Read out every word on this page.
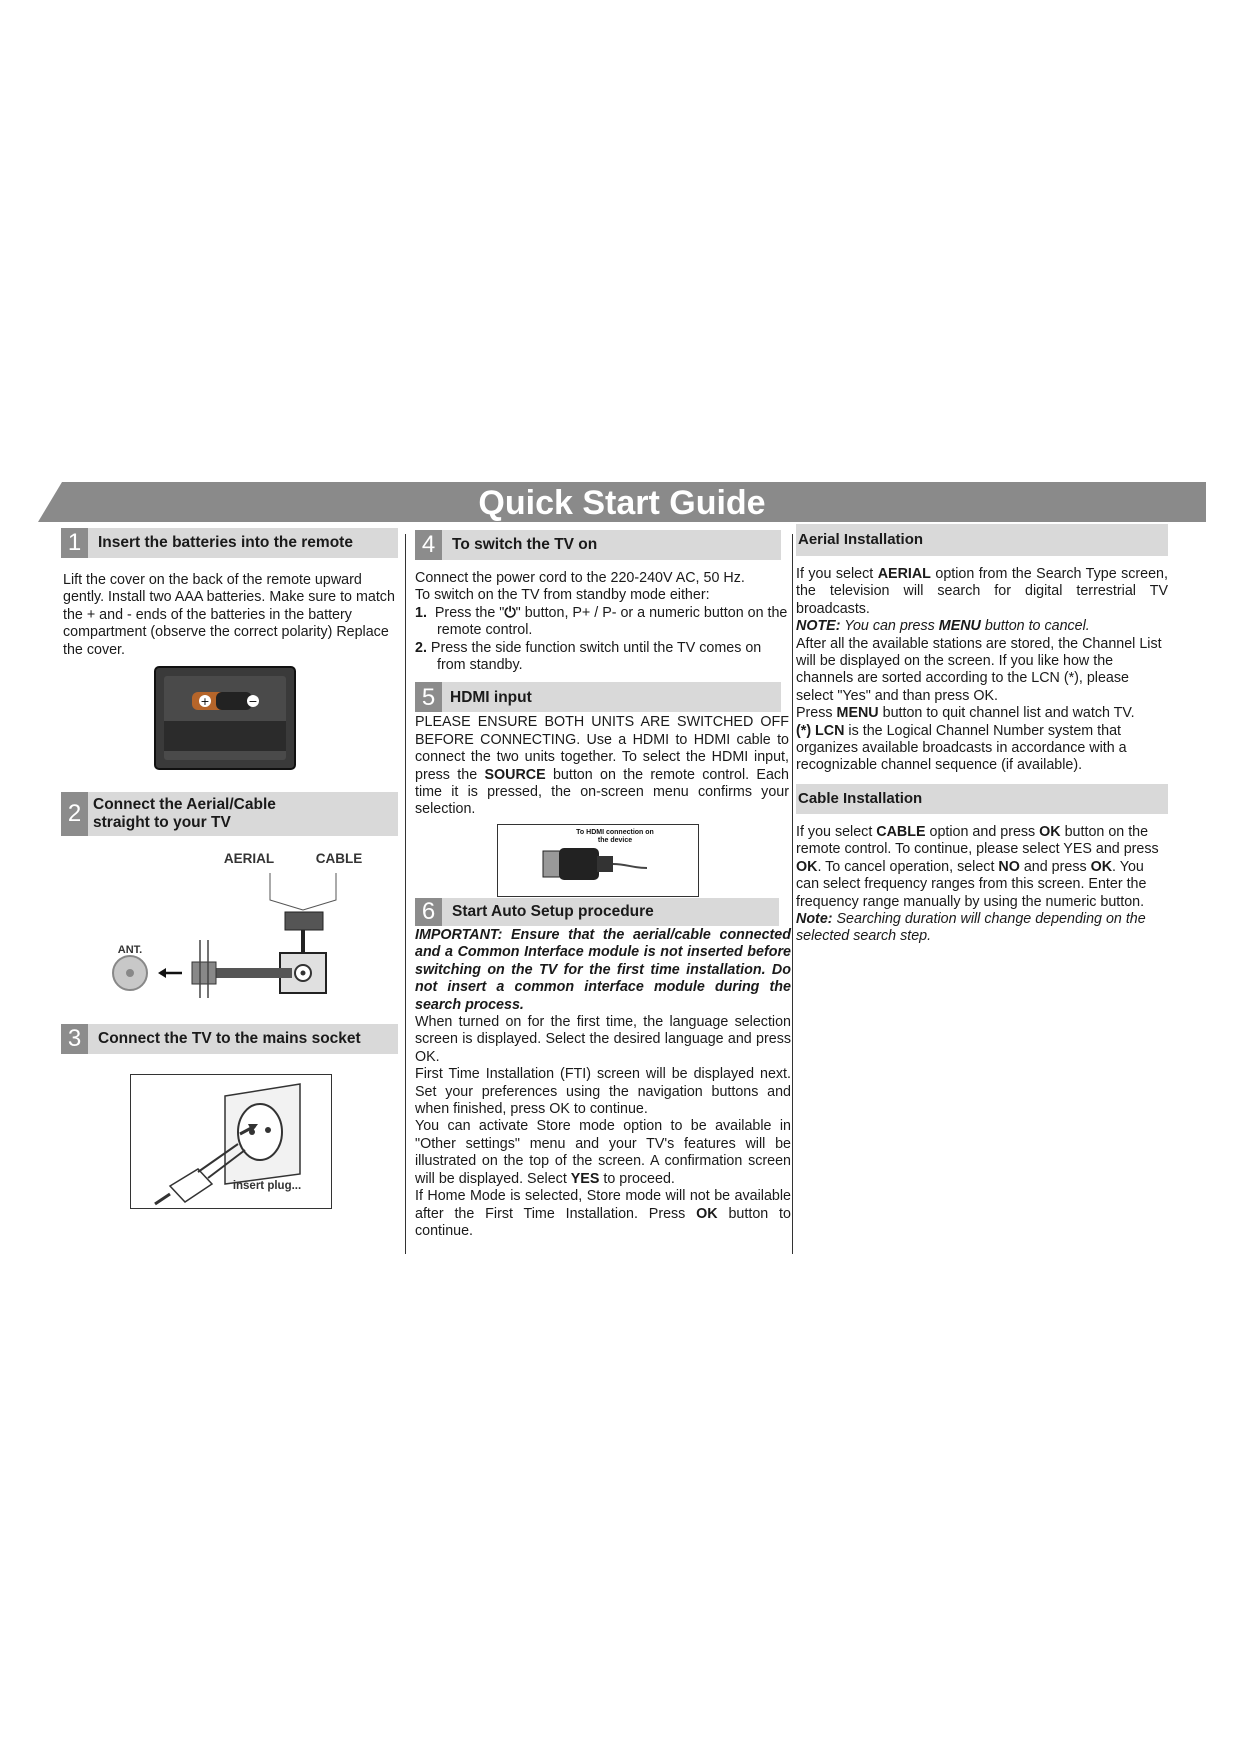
Quick Start Guide
1	Insert the batteries into the remote

Lift the cover on the back of the remote upward gently. Install two AAA batteries. Make sure to match the + and - ends of the batteries in the battery compartment (observe the correct polarity) Replace the cover.

+	−
2 Connect the Aerial/Cable
straight to your TV
AERIAL	CABLE
ANT.
3	Connect the TV to the mains socket
insert plug...
4	To switch the TV on

Connect the power cord to the 220-240V AC, 50 Hz.

To switch on the TV from standby mode either:

1. Press the "⏻" button, P+ / P- or a numeric button on the remote control.

2. Press the side function switch until the TV comes on from standby.

5 HDMI input

PLEASE ENSURE BOTH UNITS ARE SWITCHED OFF BEFORE CONNECTING. Use a HDMI to HDMI cable to connect the two units together. To select the HDMI input, press the SOURCE button on the remote control. Each time it is pressed, the on-screen menu confirms your selection.

To HDMI connection on
the device
6	Start Auto Setup procedure

IMPORTANT: Ensure that the aerial/cable connected and a Common Interface module is not inserted before switching on the TV for the first time installation. Do not insert a common interface module during the search process.

When turned on for the first time, the language selection screen is displayed. Select the desired language and press OK.

First Time Installation (FTI) screen will be displayed next. Set your preferences using the navigation buttons and when finished, press OK to continue.

You can activate Store mode option to be available in "Other settings" menu and your TV's features will be illustrated on the top of the screen. A confirmation screen will be displayed. Select YES to proceed.

If Home Mode is selected, Store mode will not be available after the First Time Installation. Press OK button to continue.

Aerial Installation

If you select AERIAL option from the Search Type screen, the television will search for digital terrestrial TV broadcasts.

NOTE: You can press MENU button to cancel.

After all the available stations are stored, the Channel List will be displayed on the screen. If you like how the channels are sorted according to the LCN (*), please select "Yes" and than press OK.

Press MENU button to quit channel list and watch TV.

(*) LCN is the Logical Channel Number system that organizes available broadcasts in accordance with a recognizable channel sequence (if available).

Cable Installation

If you select CABLE option and press OK button on the remote control. To continue, please select YES and press OK. To cancel operation, select NO and press OK. You can select frequency ranges from this screen. Enter the frequency range manually by using the numeric button.

Note: Searching duration will change depending on the selected search step.
